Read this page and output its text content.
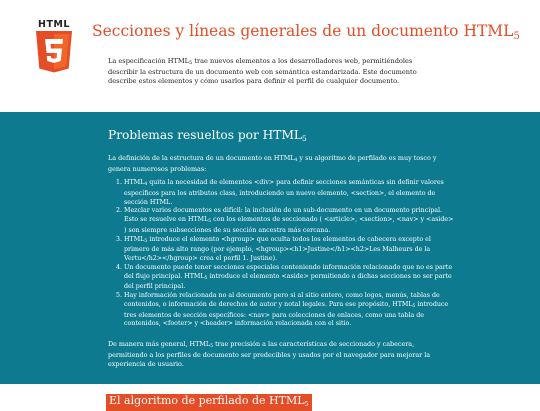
HTML Secciones y líneas generales de un documento $HTML_5$

La especificación $HTML_5$ trae nuevos elementos a los desarrolladores web, permitiéndoles describir la estructura de un documento web con semántica estandarizada. Este documento describe estos elementos y cómo usarlos para definir el perfil de cualquier documento.

Problemas resueltos por $HTML_5$

La definición de la estructura de un documento en $HTML_4$ y su algoritmo de perfilado es muy tosco y genera numerosos problemas:

1. $HTML_4$ quita la necesidad de elementos <div> para definir secciones semánticas sin definir valores específicos para los atributos class, introduciendo un nuevo elemento, <section>, el elemento de sección HTML.
2. Mezclar varios documentos es difícil: la inclusión de un sub-documento en un documento principal. Esto se resuelve en $HTML_5$ con los elementos de seccionado ( <article>, <section>, <nav> y <aside> ) son siempre subsecciones de su sección ancestra más cercana.
3. $HTML_5$ introduce el elemento <hgroup> que oculta todos los elementos de cabecera excepto el primero de más alto rango (por ejemplo, <hgroup><h1>Justine</h1><h2>Les Malheurs de la Vertu</h2></hgroup> crea el perfil 1. Justine).
4. Un documento puede tener secciones especiales conteniendo información relacionado que no es parte del flujo principal. $HTML_5$ introduce el elemento <aside> permitiendo a dichas secciones no ser parte del perfil principal.
5. Hay información relacionada no al documento pero si al sitio entero, como logos, menús, tablas de contenidos, o información de derechos de autor y notal legales. Para ese propósito, $HTML_5$ introduce tres elementos de sección específicos: <nav> para colecciones de enlaces, como una tabla de contenidos, <footer> y <header> información relacionada con el sitio.

De manera más general, $HTML_5$ trae precisión a las características de seccionado y cabecera, permitiendo a los perfiles de documento ser predecibles y usados por el navegador para mejorar la experiencia de usuario.

El algoritmo de perfilado de $HTML_5$
